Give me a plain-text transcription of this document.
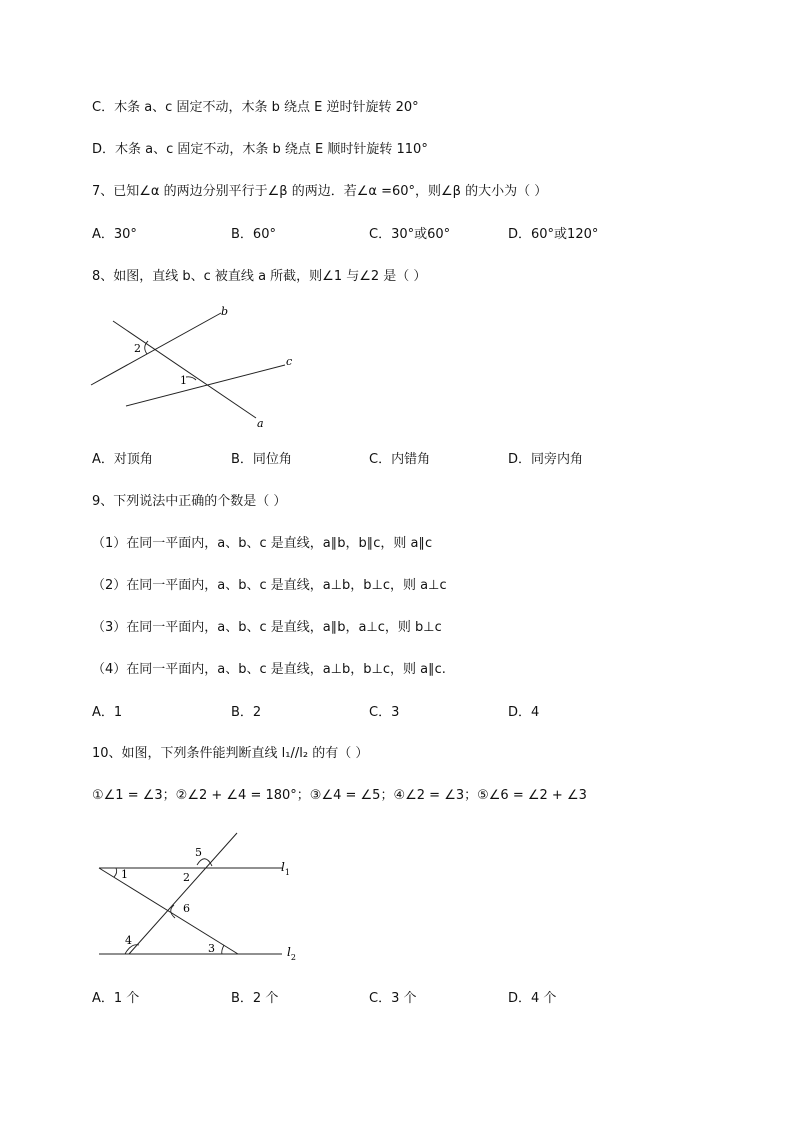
C．木条 a、c 固定不动，木条 b 绕点 E 逆时针旋转 20°
D．木条 a、c 固定不动，木条 b 绕点 E 顺时针旋转 110°
7、已知∠α 的两边分别平行于∠β 的两边．若∠α =60°，则∠β 的大小为（ ）
A．30°	B．60°	C．30°或60°	D．60°或120°
8、如图，直线 b、c 被直线 a 所截，则∠1 与∠2 是（ ）
b
c
a
2
1
A．对顶角	B．同位角	C．内错角	D．同旁内角
9、下列说法中正确的个数是（ ）
（1）在同一平面内，a、b、c 是直线，a∥b，b∥c，则 a∥c
（2）在同一平面内，a、b、c 是直线，a⊥b，b⊥c，则 a⊥c
（3）在同一平面内，a、b、c 是直线，a∥b，a⊥c，则 b⊥c
（4）在同一平面内，a、b、c 是直线，a⊥b，b⊥c，则 a∥c.
A．1	B．2	C．3	D．4
10、如图，下列条件能判断直线 l₁//l₂ 的有（ ）
①∠1 = ∠3；②∠2 + ∠4 = 180°；③∠4 = ∠5；④∠2 = ∠3；⑤∠6 = ∠2 + ∠3
5
1	2
6
4
3
$l_1$
$l_2$
A．1 个	B．2 个	C．3 个	D．4 个
